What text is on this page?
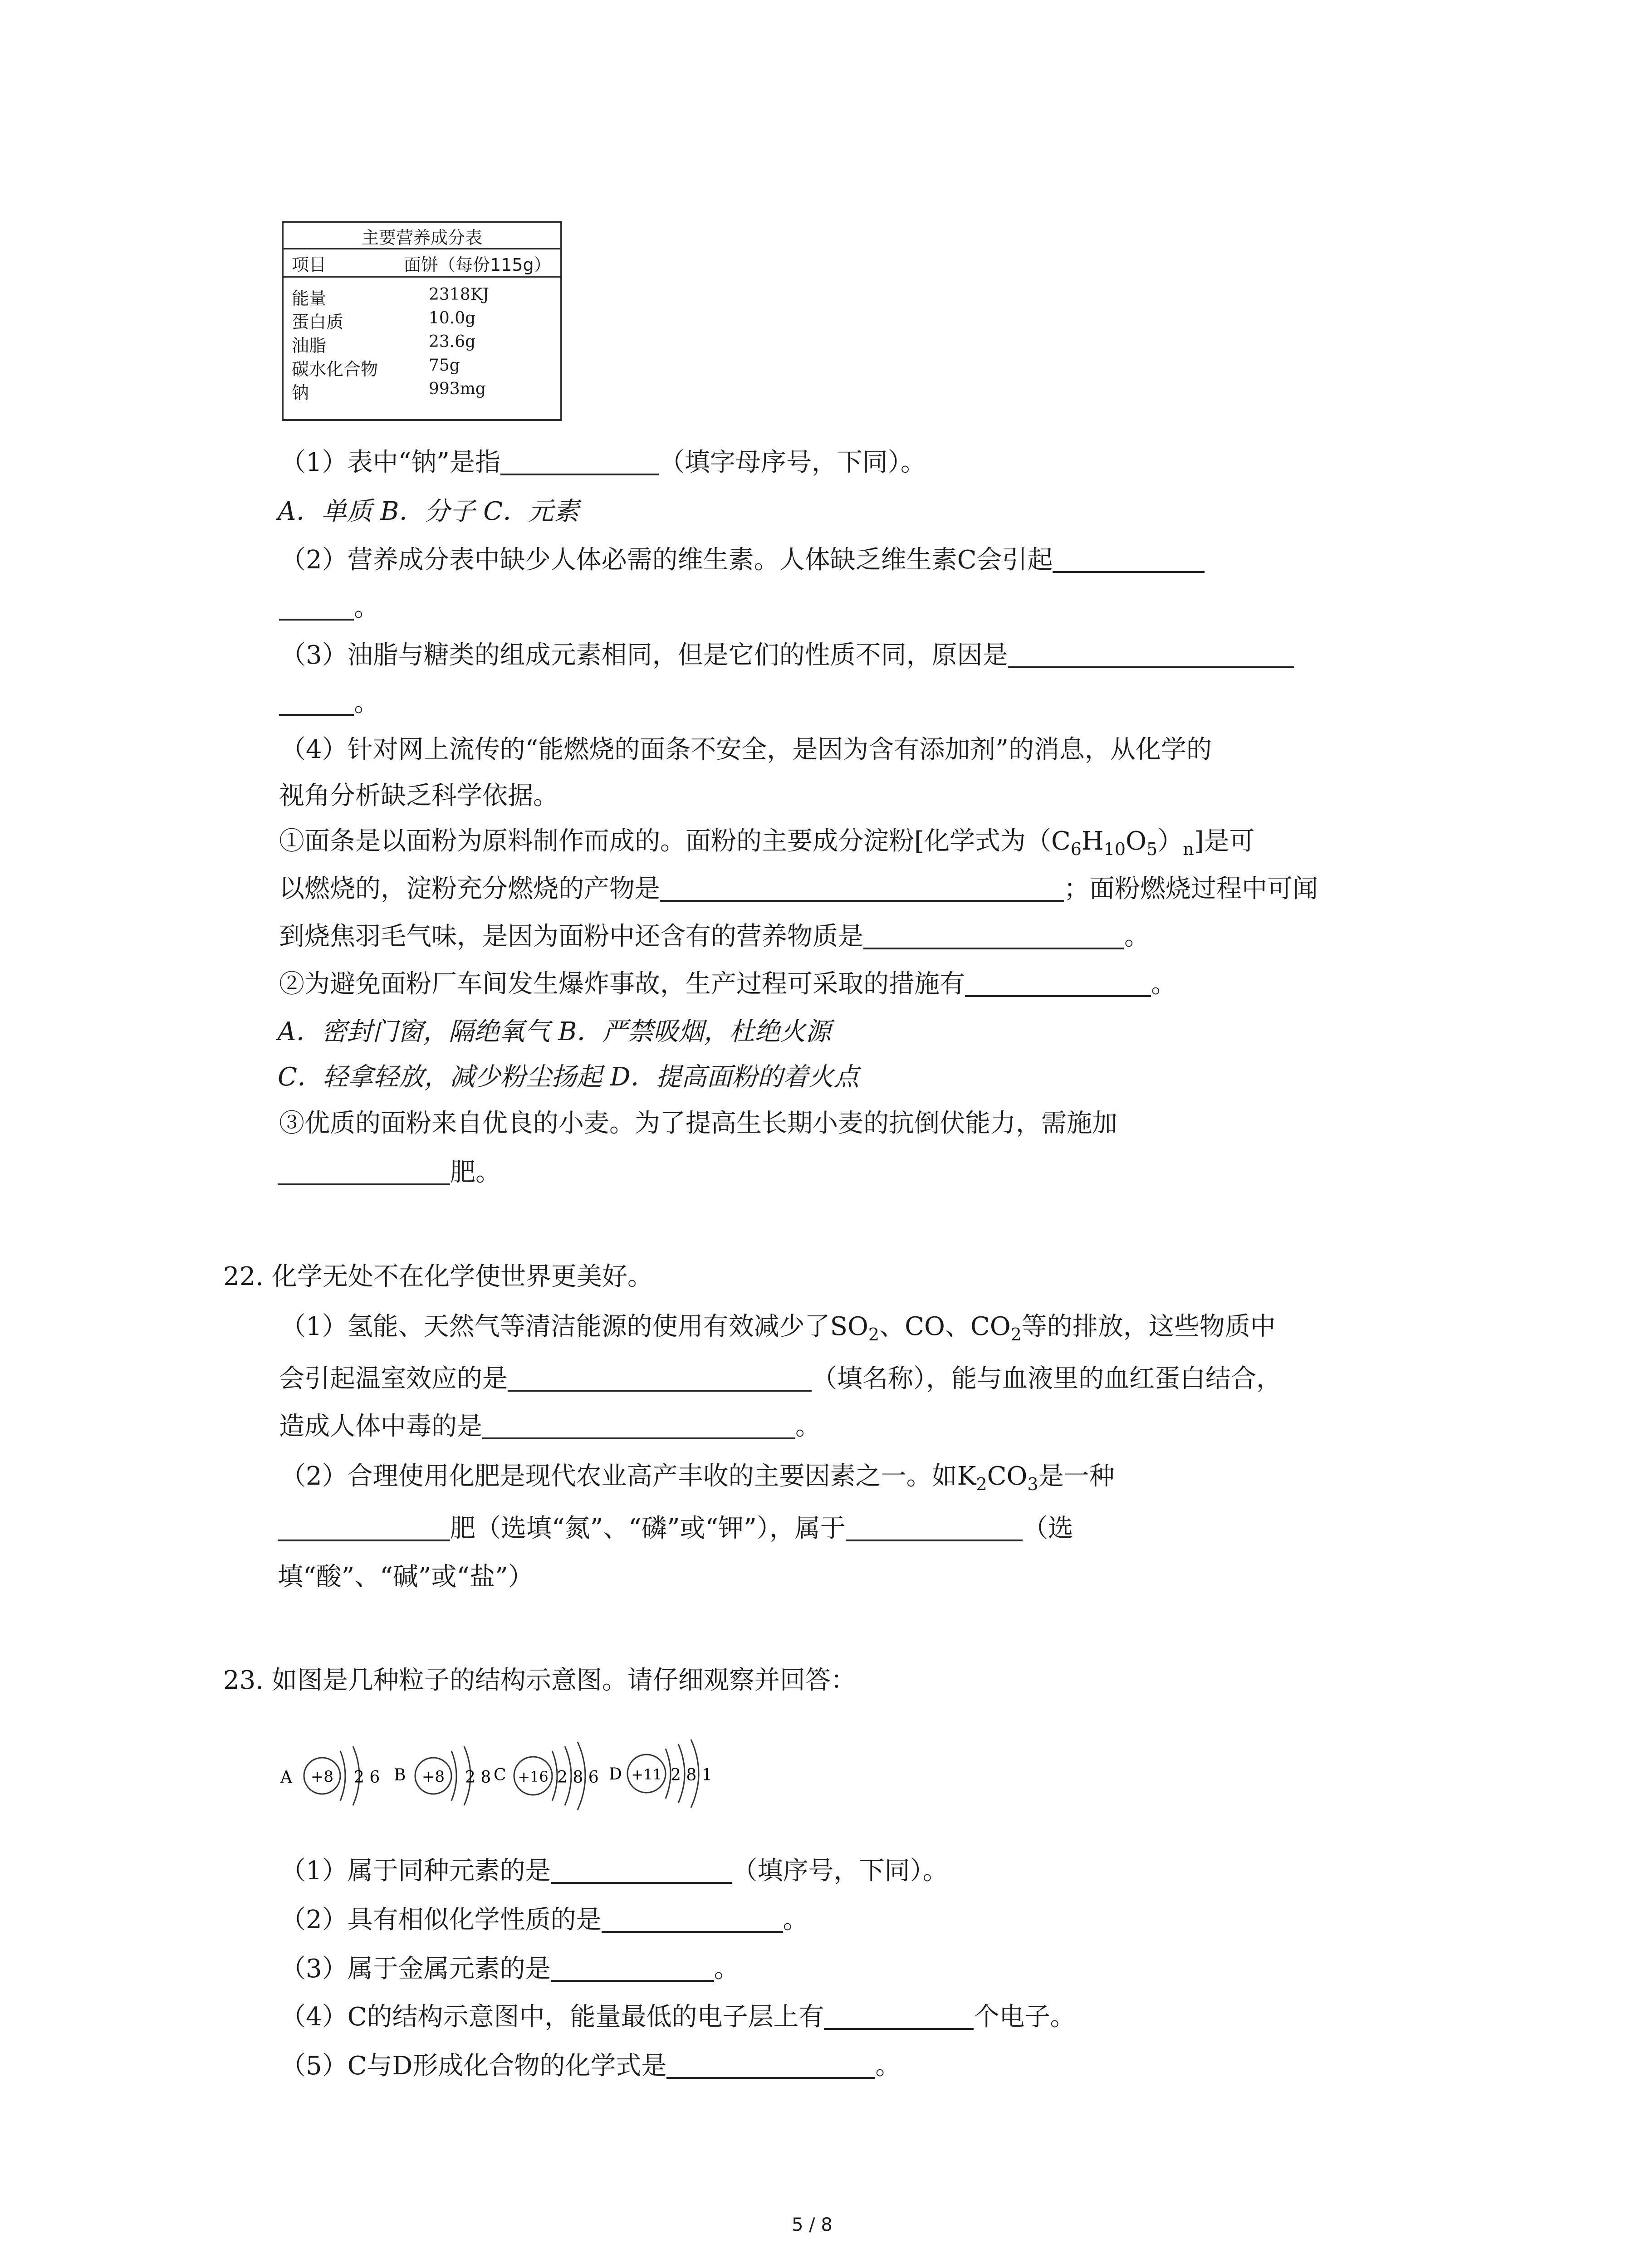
主要营养成分表
项目	面饼（每份115g）
能量	2318KJ
蛋白质	10.0g
油脂	23.6g
碳水化合物	75g
钠	993mg
（1）表中“钠”是指	（填字母序号，下同）。
A．单质 B．分子 C．元素
（2）营养成分表中缺少人体必需的维生素。人体缺乏维生素C会引起
。
（3）油脂与糖类的组成元素相同，但是它们的性质不同，原因是
。
（4）针对网上流传的“能燃烧的面条不安全，是因为含有添加剂”的消息，从化学的
视角分析缺乏科学依据。
①面条是以面粉为原料制作而成的。面粉的主要成分淀粉[化学式为$(C_6H_{10}O_5)_n$]是可
以燃烧的，淀粉充分燃烧的产物是	；面粉燃烧过程中可闻
到烧焦羽毛气味，是因为面粉中还含有的营养物质是	。
②为避免面粉厂车间发生爆炸事故，生产过程可采取的措施有	。
A．密封门窗，隔绝氧气 B．严禁吸烟，杜绝火源
C．轻拿轻放，减少粉尘扬起 D．提高面粉的着火点
③优质的面粉来自优良的小麦。为了提高生长期小麦的抗倒伏能力，需施加
肥。
22. 化学无处不在化学使世界更美好。
（1）氢能、天然气等清洁能源的使用有效减少了$SO_2$、CO、$CO_2$等的排放，这些物质中
会引起温室效应的是	（填名称），能与血液里的血红蛋白结合，
造成人体中毒的是	。
（2）合理使用化肥是现代农业高产丰收的主要因素之一。如$K_2CO_3$是一种
肥（选填“氮”、“磷”或“钾”），属于	（选
填“酸”、“碱”或“盐”）
23. 如图是几种粒子的结构示意图。请仔细观察并回答：
A +8 2 6 B +8 2 8 C +16 2 8 6 D +11 2 8 1
（1）属于同种元素的是	（填序号，下同）。
（2）具有相似化学性质的是	。
（3）属于金属元素的是	。
（4）C的结构示意图中，能量最低的电子层上有	个电子。
（5）C与D形成化合物的化学式是	。
5 / 8
